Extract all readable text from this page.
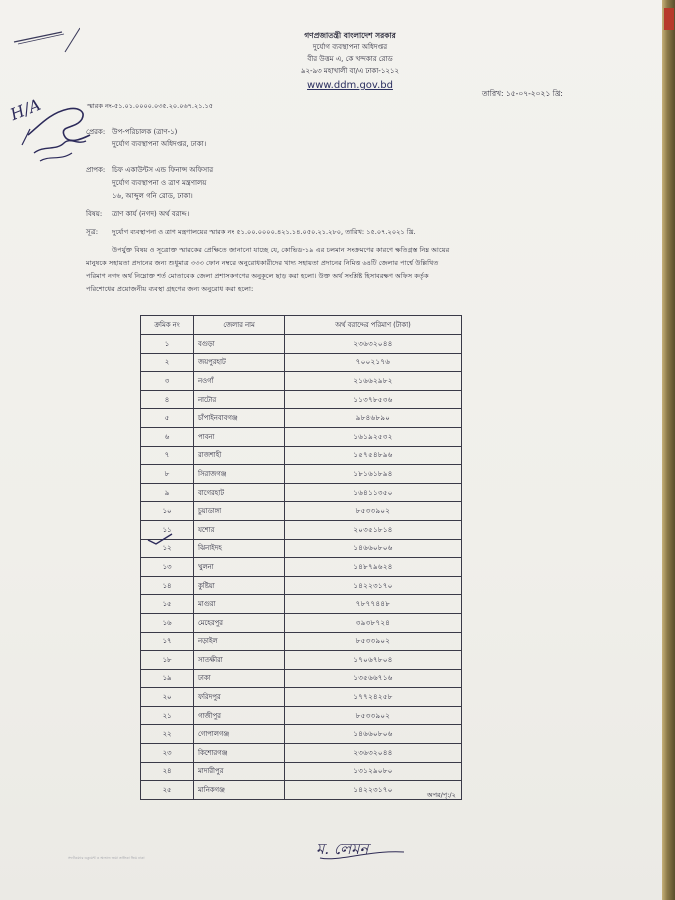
H/A
গণপ্রজাতন্ত্রী বাংলাদেশ সরকার
দুর্যোগ ব্যবস্থাপনা অধিদপ্তর
বীর উত্তম এ, কে খন্দকার রোড
৯২-৯৩ মহাখালী বা/এ ঢাকা-১২১২
www.ddm.gov.bd
তারিখ: ১৫-০৭-২০২১ খ্রি:
স্মারক নং-৫১.০১.০০০০.০৩৫.২০.০৬৭.২১.১৫
প্রেরক: উপ-পরিচালক (ত্রাণ-১)
দুর্যোগ ব্যবস্থাপনা অধিদপ্তর, ঢাকা।
প্রাপক: চিফ একাউন্টস এন্ড ফিনান্স অফিসার
দুর্যোগ ব্যবস্থাপনা ও ত্রাণ মন্ত্রণালয়
১৬, আব্দুল গনি রোড, ঢাকা।
বিষয়: ত্রাণ কার্য (নগদ) অর্থ বরাদ্দ।
সূত্র: দুর্যোগ ব্যবস্থাপনা ও ত্রাণ মন্ত্রণালয়ের স্মারক নং ৫১.০০.০০০০.৪২১.১৪.০৫০.২১.২৮০, তারিখ: ১৫.০৭.২০২১ খ্রি.
উপর্যুক্ত বিষয় ও সূত্রোক্ত স্মারকের প্রেক্ষিতে জানানো যাচ্ছে যে, কোভিড-১৯ এর চলমান সংক্রমণের কারণে ক্ষতিগ্রস্ত নিম্ন আয়ের
মানুষকে সহায়তা প্রদানের জন্য শুধুমাত্র ৩৩৩ ফোন নম্বরে অনুরোধকারীদের খাদ্য সহায়তা প্রদানের নিমিত্ত ৬৪টি জেলার পার্শ্বে উল্লিখিত
পরিমাণ নগদ অর্থ নিম্নোক্ত শর্ত মোতাবেক জেলা প্রশাসকগণের অনুকূলে ছাড় করা হলো। উক্ত অর্থ সংশ্লিষ্ট হিসাবরক্ষণ অফিস কর্তৃক
পরিশোধের প্রয়োজনীয় ব্যবস্থা গ্রহণের জন্য অনুরোধ করা হলো:
ক্রমিক নং	জেলার নাম	অর্থ বরাদ্দের পরিমাণ (টাকা)
১	বগুড়া	২৩৬৩২০৪৪
২	জয়পুরহাট	৭০০২১৭৬
৩	নওগাঁ	২১৬৬২৯৮২
৪	নাটোর	১১৩৭৮৫৩৬
৫	চাঁপাইনবাবগঞ্জ	৯৮৪৬৮৯০
৬	পাবনা	১৬১৯২৫৩২
৭	রাজশাহী	১৫৭৫৪৮৯৬
৮	সিরাজগঞ্জ	১৮১৬১৮৯৪
৯	বাগেরহাট	১৬৪১১৩৫০
১০	চুয়াডাঙ্গা	৮৫৩৩৯০২
১১	যশোর	২০৩৫১৮১৪
১২	ঝিনাইদহ	১৪৬৬০৮০৬
১৩	খুলনা	১৪৮৭৯৬২৪
১৪	কুষ্টিয়া	১৪২২৩১৭০
১৫	মাগুরা	৭৮৭৭৪৪৮
১৬	মেহেরপুর	৩৯৩৮৭২৪
১৭	নড়াইল	৮৫৩৩৯০২
১৮	সাতক্ষীরা	১৭০৬৭৮০৪
১৯	ঢাকা	১৩৫৬৬৭১৬
২০	ফরিদপুর	১৭৭২৪২৫৮
২১	গাজীপুর	৮৫৩৩৯০২
২২	গোপালগঞ্জ	১৪৬৬০৮০৬
২৩	কিশোরগঞ্জ	২৩৬৩২০৪৪
২৪	মাদারীপুর	১৩১২৯০৮০
২৫	মানিকগঞ্জ	১৪২২৩১৭০
অপর/পৃ:/২
সফটওয়্যার ডকুমেন্ট ও অন্যান্য জমা তালিকা জিম ঢাকা	ম. লেমন
